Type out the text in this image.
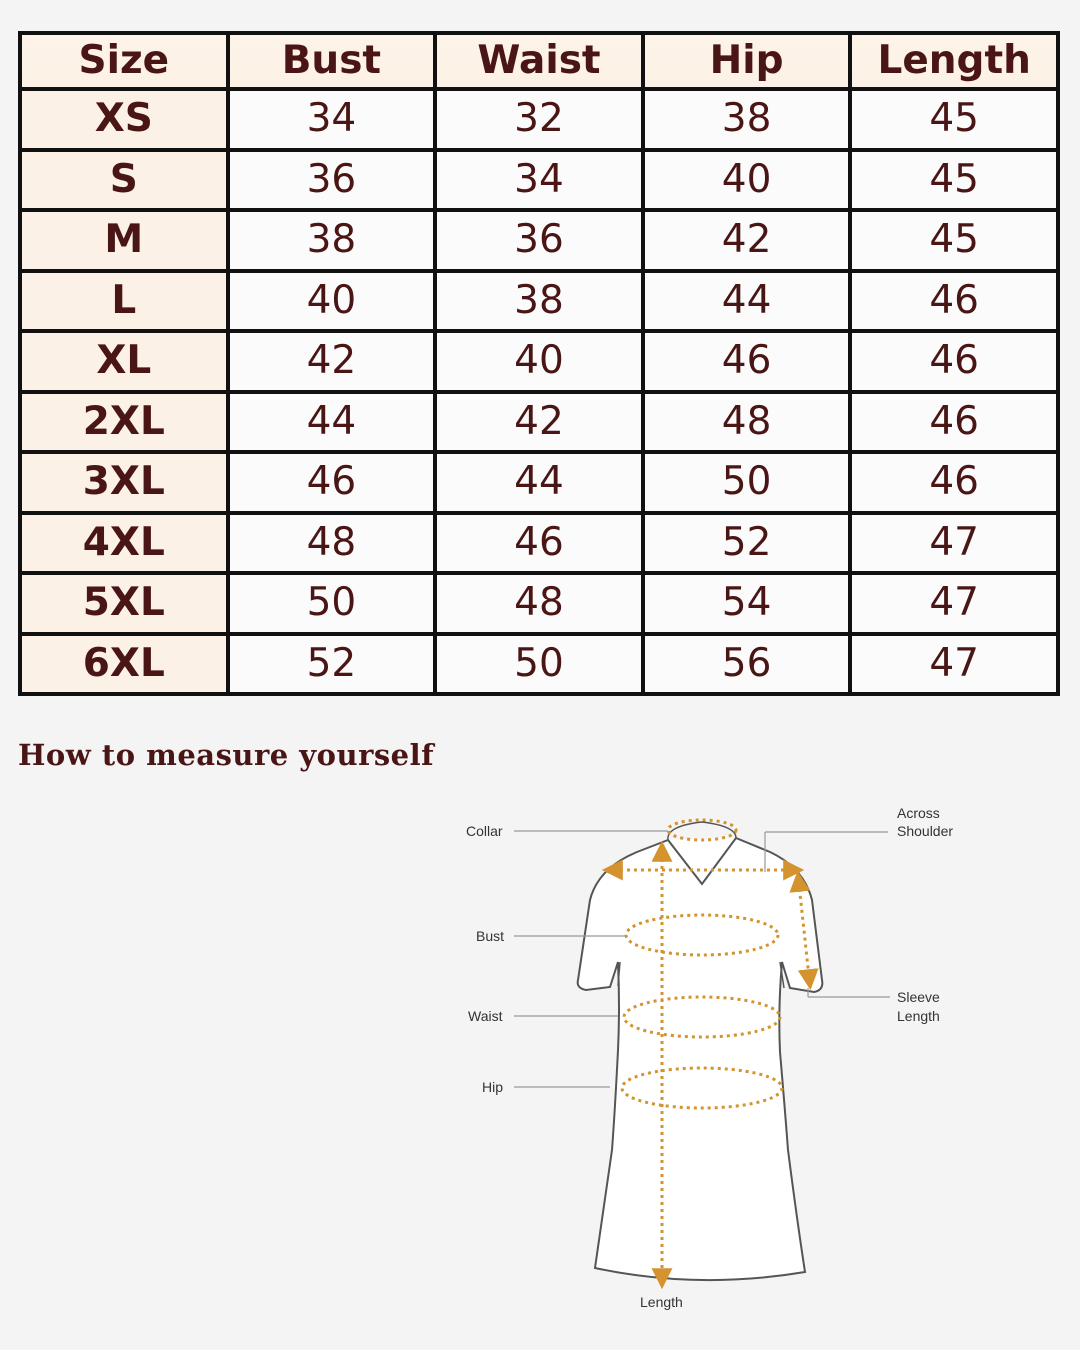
Size	Bust	Waist	Hip	Length
XS	34	32	38	45
S	36	34	40	45
M	38	36	42	45
L	40	38	44	46
XL	42	40	46	46
2XL	44	42	48	46
3XL	46	44	50	46
4XL	48	46	52	47
5XL	50	48	54	47
6XL	52	50	56	47
How to measure yourself
Collar
Across
Shoulder
Bust
Waist
Hip
Sleeve
Length
Length
